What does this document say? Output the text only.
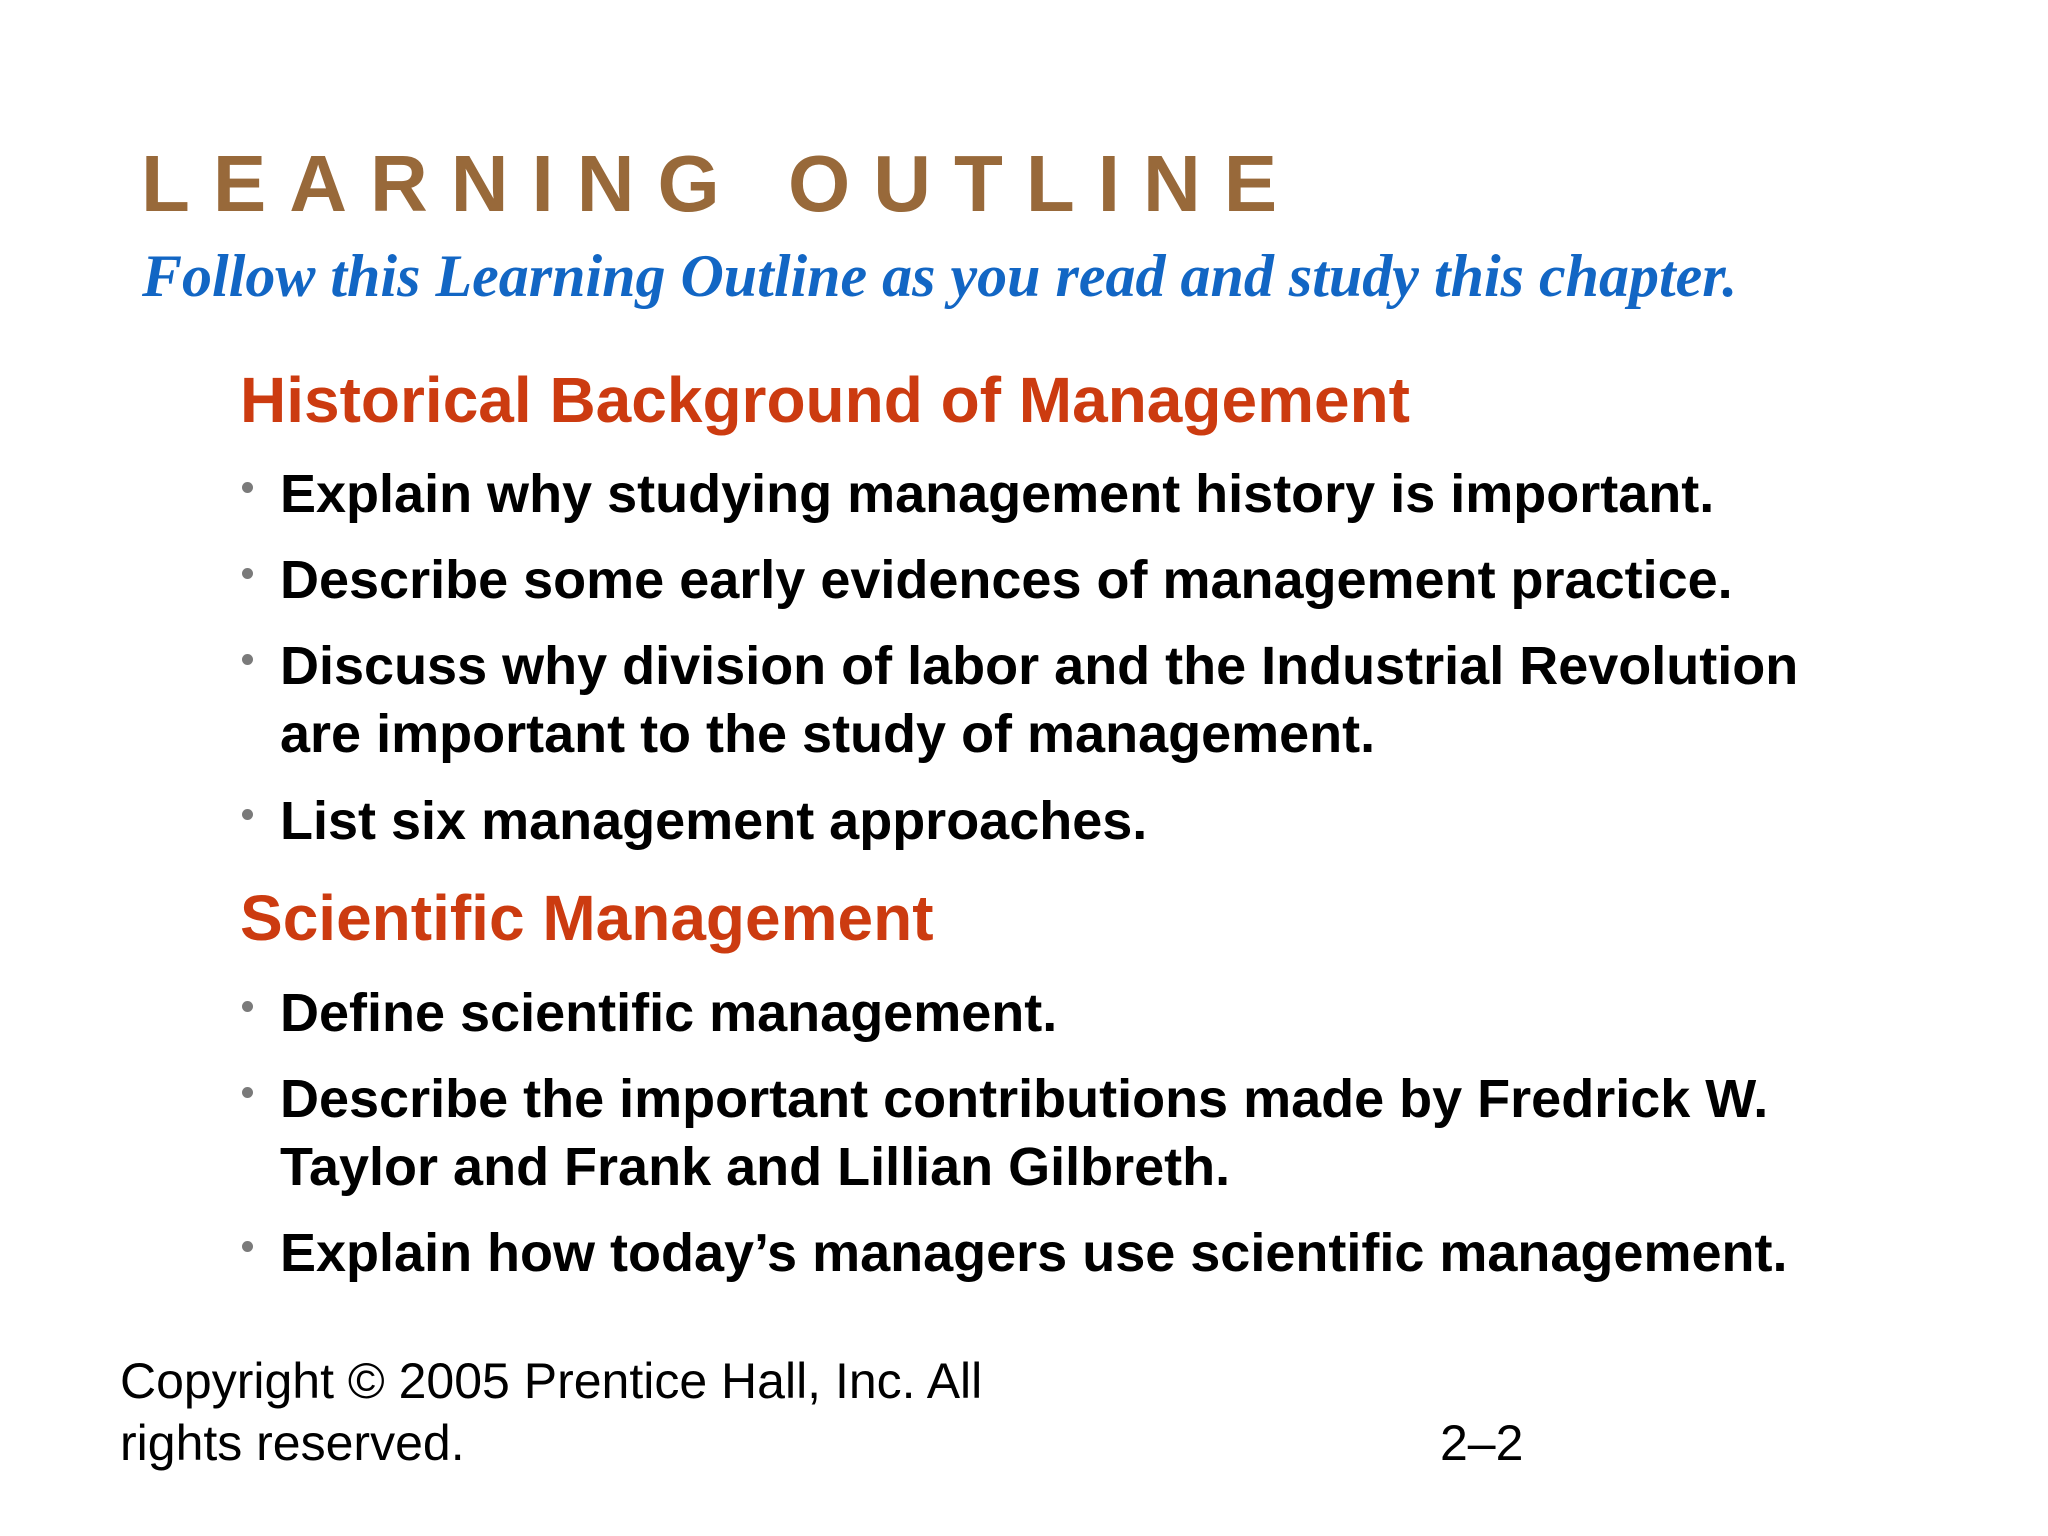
LEARNING OUTLINE

Follow this Learning Outline as you read and study this chapter.

Historical Background of Management
Explain why studying management history is important.
Describe some early evidences of management practice.
Discuss why division of labor and the Industrial Revolution are important to the study of management.
List six management approaches.
Scientific Management
Define scientific management.
Describe the important contributions made by Fredrick W. Taylor and Frank and Lillian Gilbreth.
Explain how today’s managers use scientific management.

Copyright © 2005 Prentice Hall, Inc. All rights reserved.	2–2
